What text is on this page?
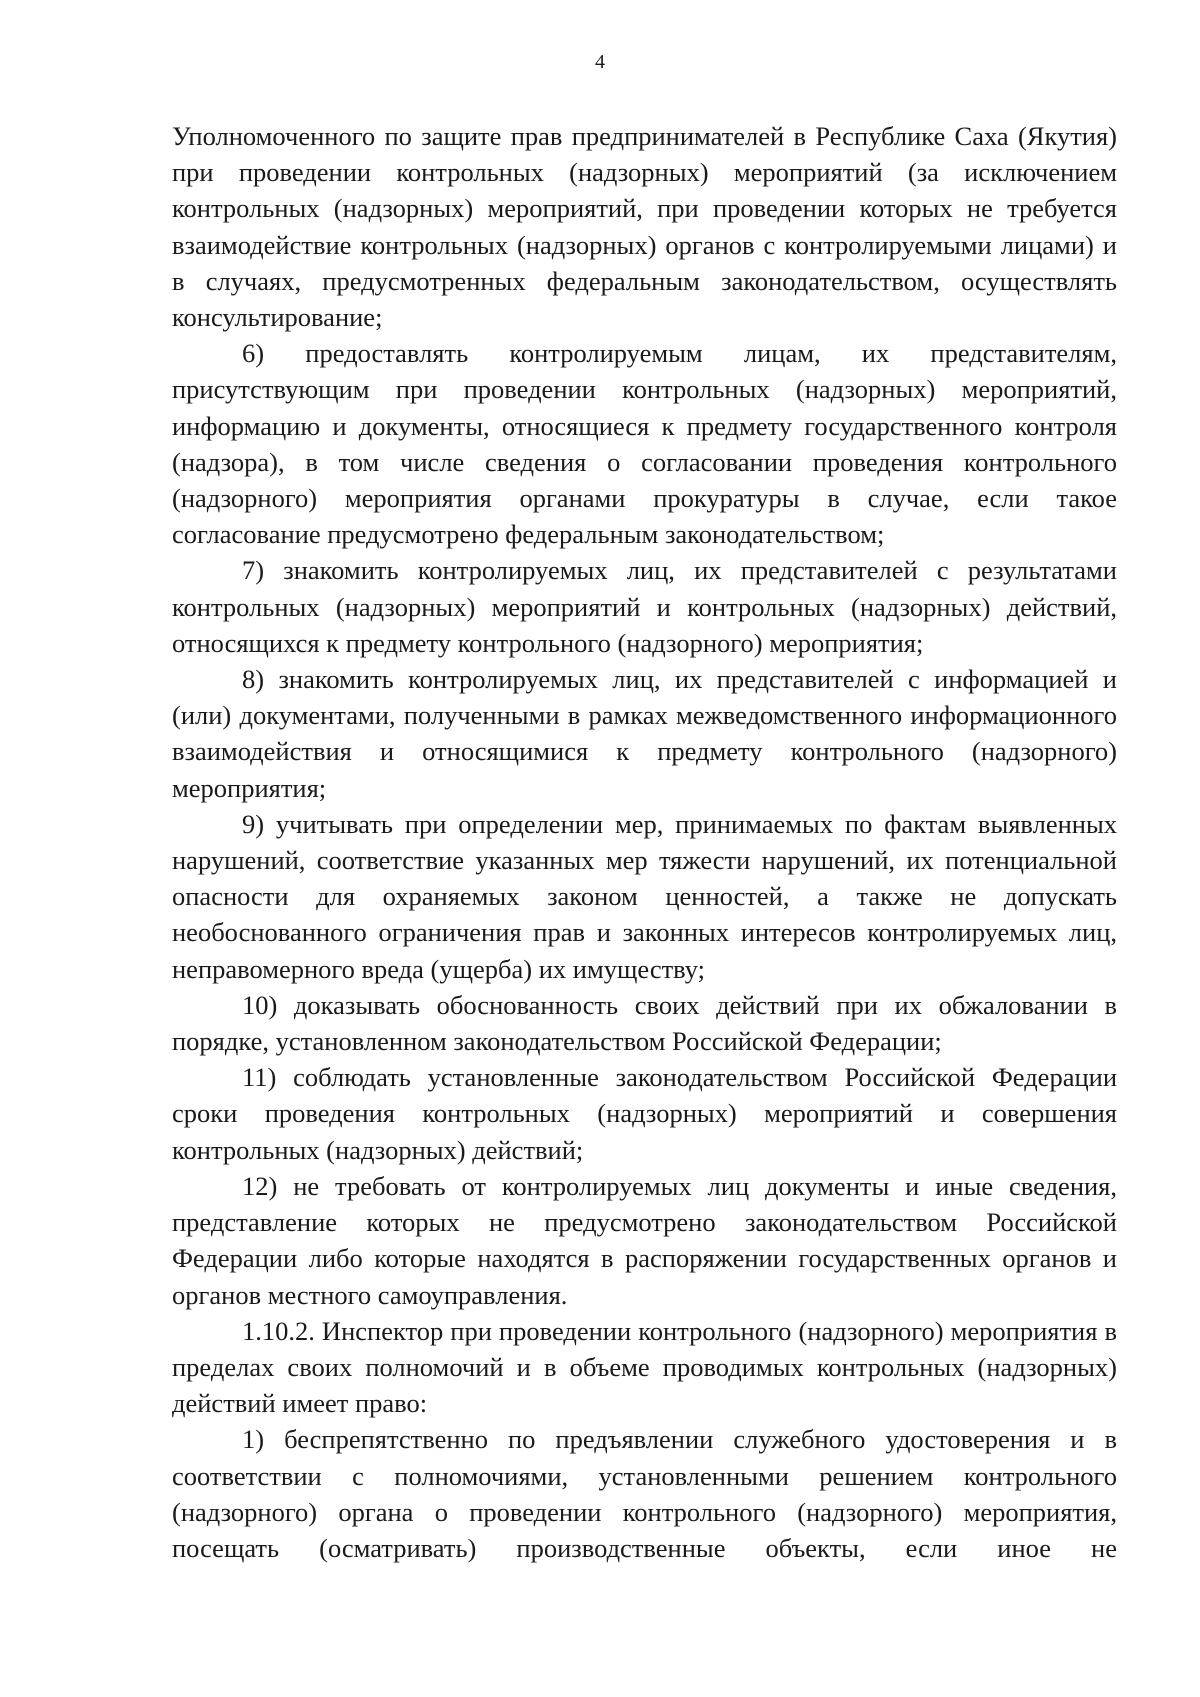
4

Уполномоченного по защите прав предпринимателей в Республике Саха (Якутия) при проведении контрольных (надзорных) мероприятий (за исключением контрольных (надзорных) мероприятий, при проведении которых не требуется взаимодействие контрольных (надзорных) органов с контролируемыми лицами) и в случаях, предусмотренных федеральным законодательством, осуществлять консультирование;

6) предоставлять контролируемым лицам, их представителям, присутствующим при проведении контрольных (надзорных) мероприятий, информацию и документы, относящиеся к предмету государственного контроля (надзора), в том числе сведения о согласовании проведения контрольного (надзорного) мероприятия органами прокуратуры в случае, если такое согласование предусмотрено федеральным законодательством;

7) знакомить контролируемых лиц, их представителей с результатами контрольных (надзорных) мероприятий и контрольных (надзорных) действий, относящихся к предмету контрольного (надзорного) мероприятия;

8) знакомить контролируемых лиц, их представителей с информацией и (или) документами, полученными в рамках межведомственного информационного взаимодействия и относящимися к предмету контрольного (надзорного) мероприятия;

9) учитывать при определении мер, принимаемых по фактам выявленных нарушений, соответствие указанных мер тяжести нарушений, их потенциальной опасности для охраняемых законом ценностей, а также не допускать необоснованного ограничения прав и законных интересов контролируемых лиц, неправомерного вреда (ущерба) их имуществу;

10) доказывать обоснованность своих действий при их обжаловании в порядке, установленном законодательством Российской Федерации;

11) соблюдать установленные законодательством Российской Федерации сроки проведения контрольных (надзорных) мероприятий и совершения контрольных (надзорных) действий;

12) не требовать от контролируемых лиц документы и иные сведения, представление которых не предусмотрено законодательством Российской Федерации либо которые находятся в распоряжении государственных органов и органов местного самоуправления.

1.10.2. Инспектор при проведении контрольного (надзорного) мероприятия в пределах своих полномочий и в объеме проводимых контрольных (надзорных) действий имеет право:

1) беспрепятственно по предъявлении служебного удостоверения и в соответствии с полномочиями, установленными решением контрольного (надзорного) органа о проведении контрольного (надзорного) мероприятия, посещать (осматривать) производственные объекты, если иное не
